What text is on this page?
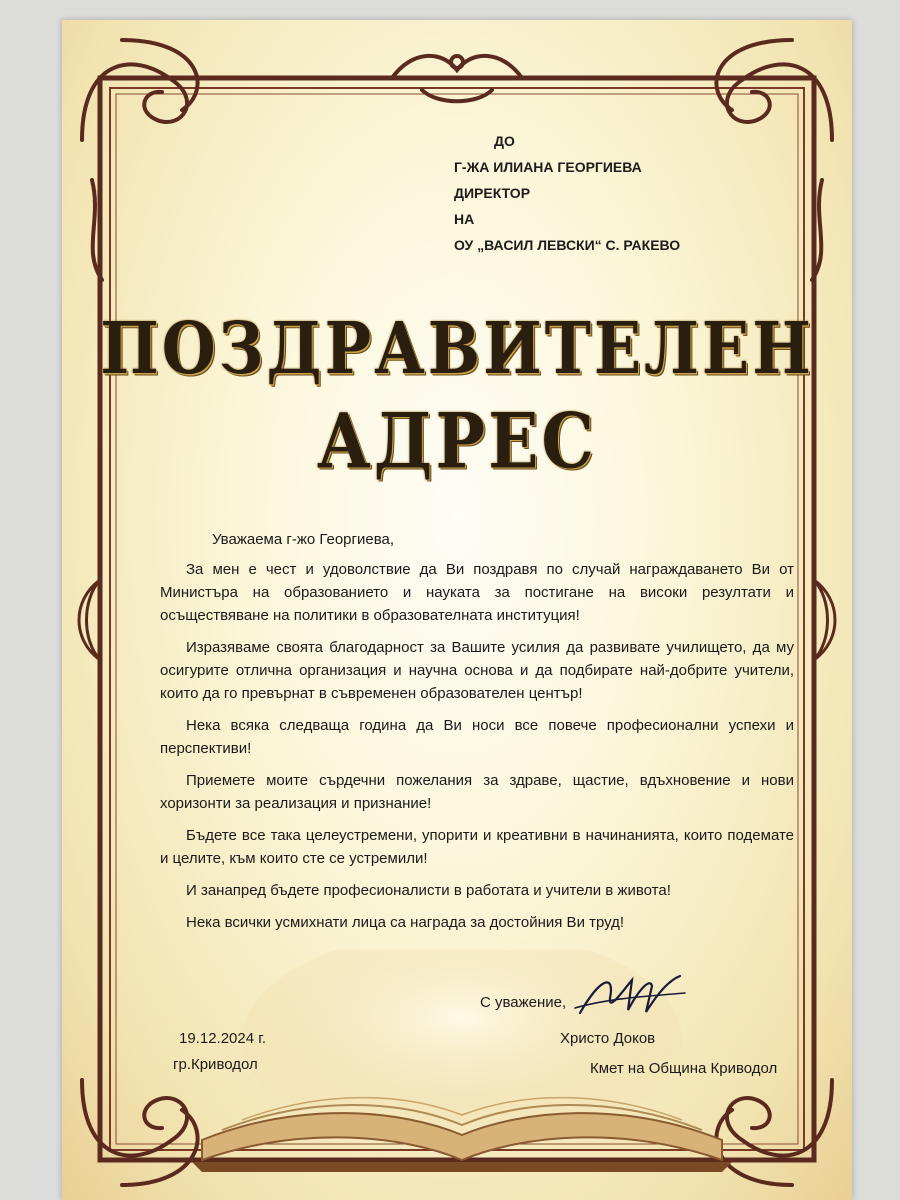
ДО
Г-ЖА ИЛИАНА ГЕОРГИЕВА
ДИРЕКТОР
НА
ОУ „ВАСИЛ ЛЕВСКИ“ С. РАКЕВО
ПОЗДРАВИТЕЛЕН
АДРЕС

Уважаема г-жо Георгиева,

За мен е чест и удоволствие да Ви поздравя по случай награждаването Ви от Министъра на образованието и науката за постигане на високи резултати и осъществяване на политики в образователната институция!

Изразяваме своята благодарност за Вашите усилия да развивате училището, да му осигурите отлична организация и научна основа и да подбирате най-добрите учители, които да го превърнат в съвременен образователен център!

Нека всяка следваща година да Ви носи все повече професионални успехи и перспективи!

Приемете моите сърдечни пожелания за здраве, щастие, вдъхновение и нови хоризонти за реализация и признание!

Бъдете все така целеустремени, упорити и креативни в начинанията, които подемате и целите, към които сте се устремили!

И занапред бъдете професионалисти в работата и учители в живота!

Нека всички усмихнати лица са награда за достойния Ви труд!

С уважение,
Христо Доков
Кмет на Община Криводол
19.12.2024 г.
гр.Криводол
